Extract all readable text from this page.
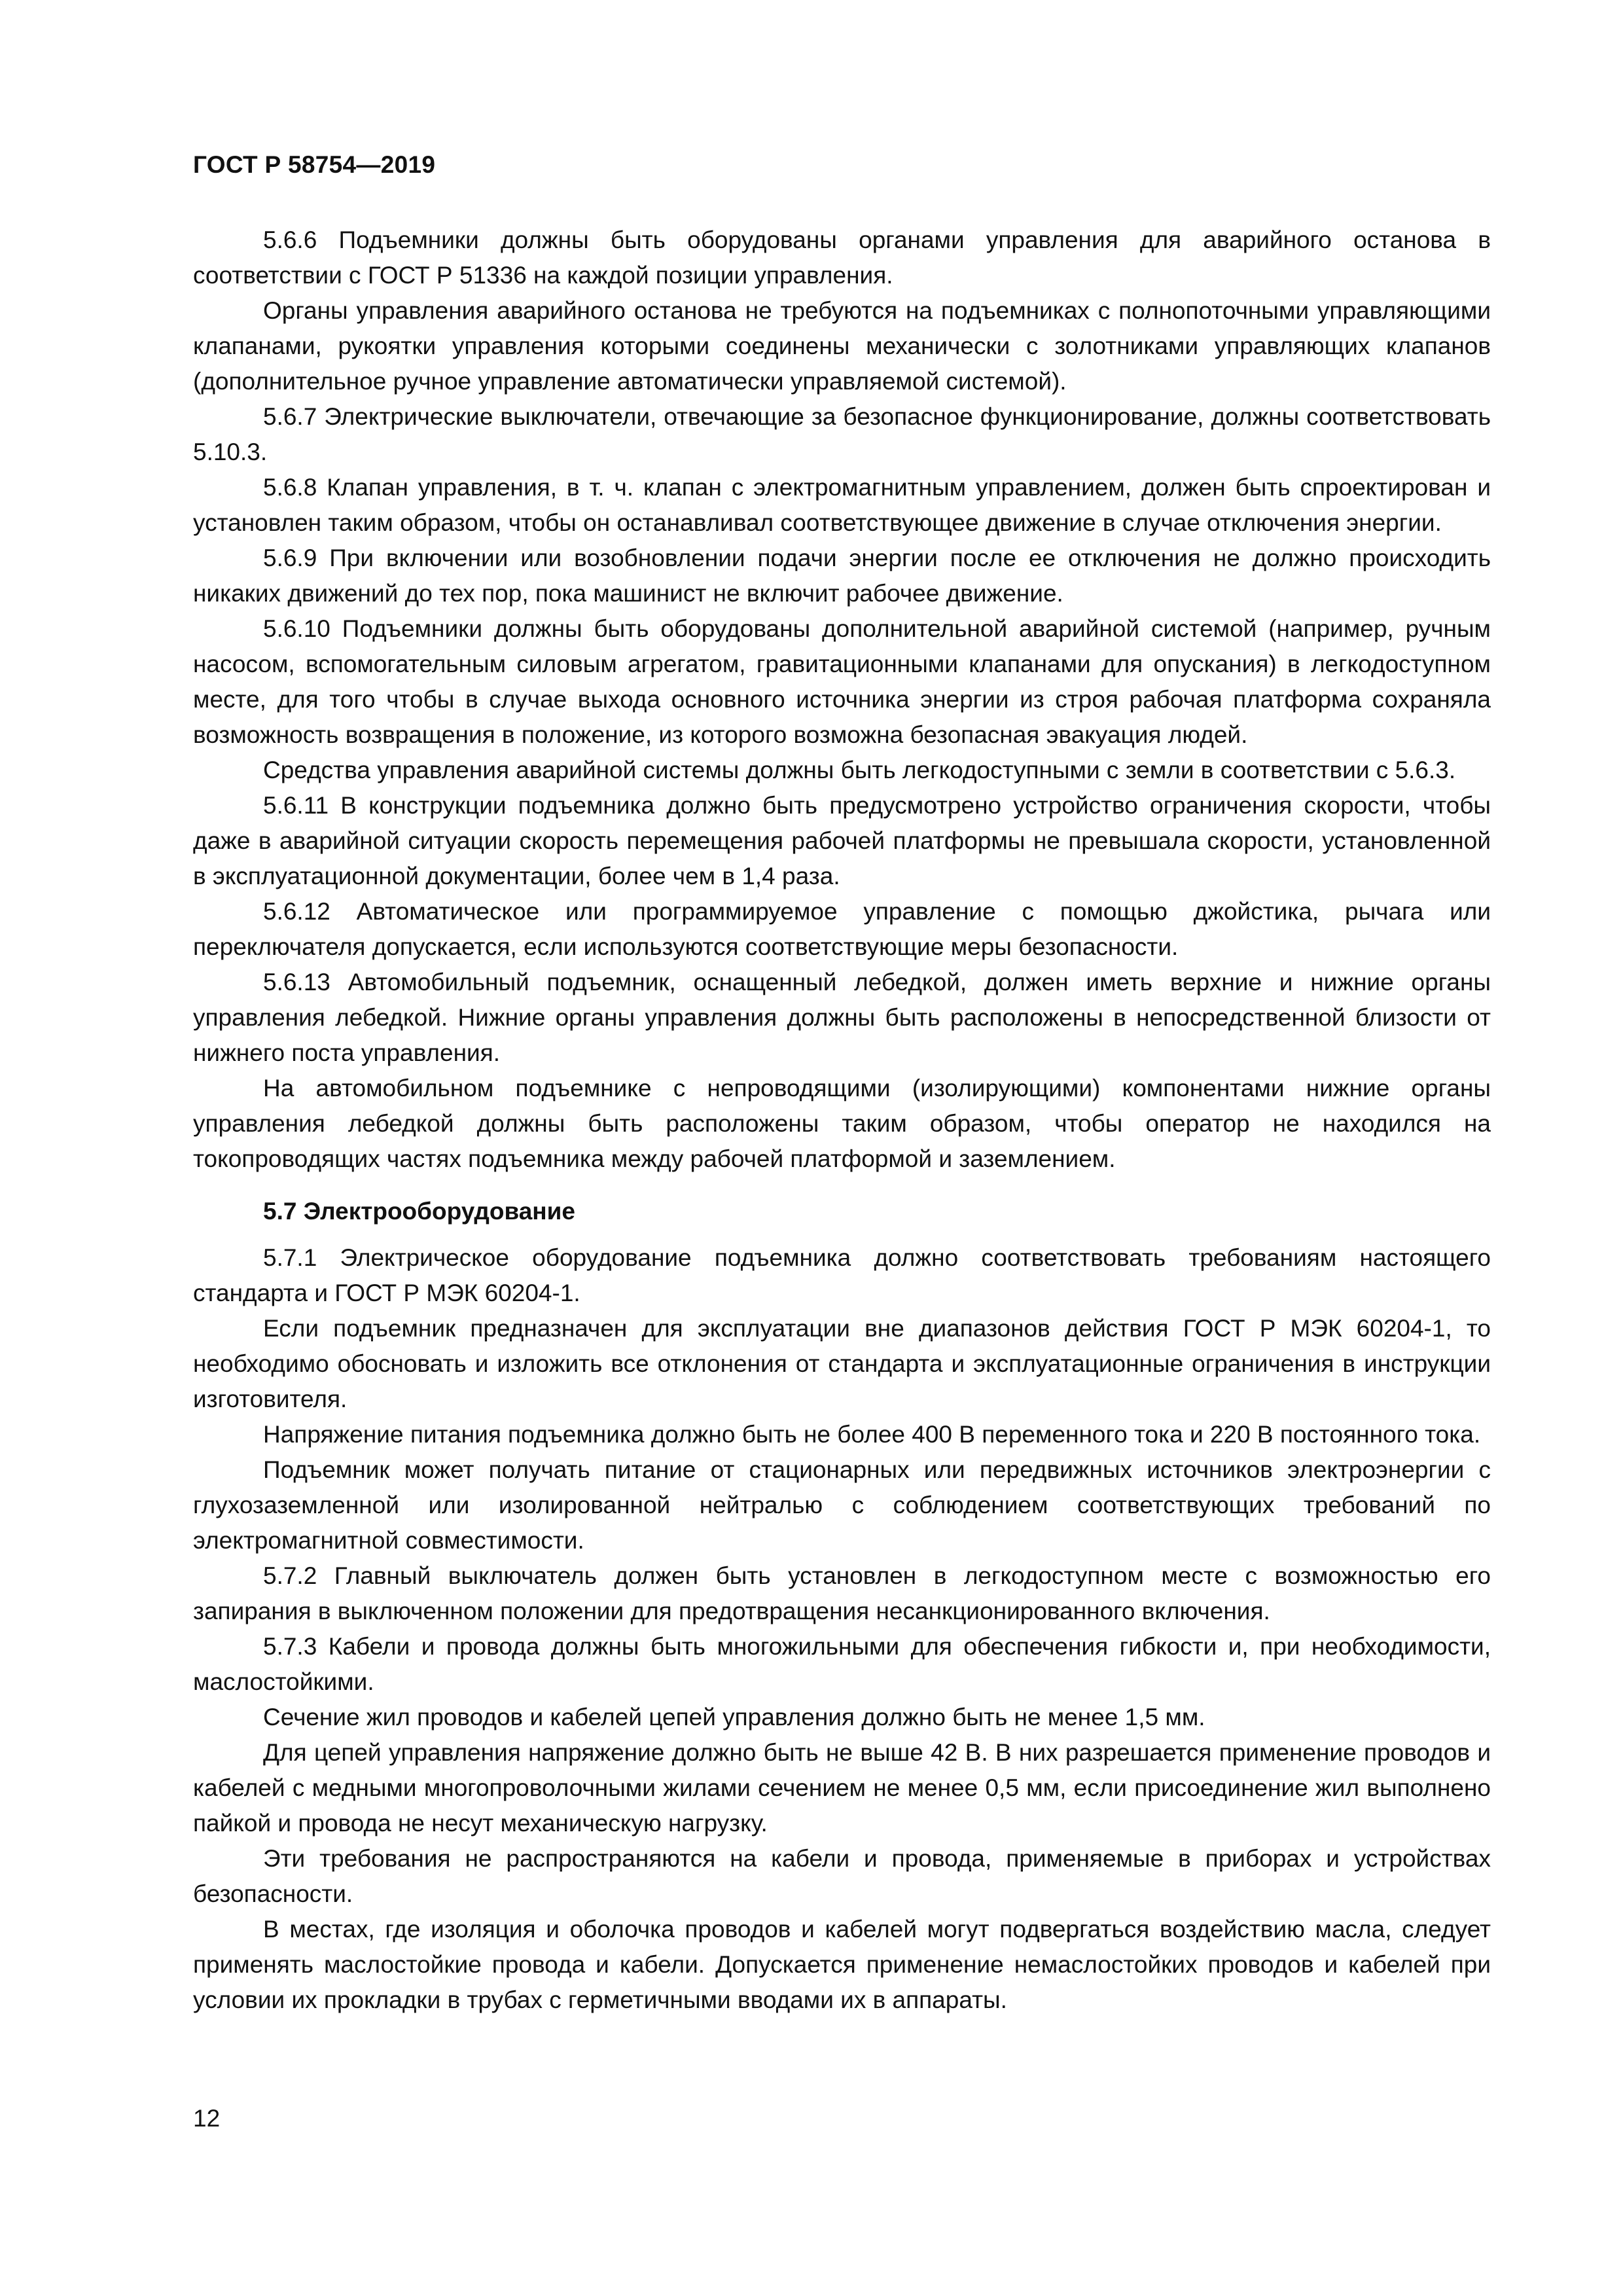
ГОСТ Р 58754—2019

5.6.6 Подъемники должны быть оборудованы органами управления для аварийного останова в соответствии с ГОСТ Р 51336 на каждой позиции управления.

Органы управления аварийного останова не требуются на подъемниках с полнопоточными управляющими клапанами, рукоятки управления которыми соединены механически с золотниками управляющих клапанов (дополнительное ручное управление автоматически управляемой системой).

5.6.7 Электрические выключатели, отвечающие за безопасное функционирование, должны соответствовать 5.10.3.

5.6.8 Клапан управления, в т. ч. клапан с электромагнитным управлением, должен быть спроектирован и установлен таким образом, чтобы он останавливал соответствующее движение в случае отключения энергии.

5.6.9 При включении или возобновлении подачи энергии после ее отключения не должно происходить никаких движений до тех пор, пока машинист не включит рабочее движение.

5.6.10 Подъемники должны быть оборудованы дополнительной аварийной системой (например, ручным насосом, вспомогательным силовым агрегатом, гравитационными клапанами для опускания) в легкодоступном месте, для того чтобы в случае выхода основного источника энергии из строя рабочая платформа сохраняла возможность возвращения в положение, из которого возможна безопасная эвакуация людей.

Средства управления аварийной системы должны быть легкодоступными с земли в соответствии с 5.6.3.

5.6.11 В конструкции подъемника должно быть предусмотрено устройство ограничения скорости, чтобы даже в аварийной ситуации скорость перемещения рабочей платформы не превышала скорости, установленной в эксплуатационной документации, более чем в 1,4 раза.

5.6.12 Автоматическое или программируемое управление с помощью джойстика, рычага или переключателя допускается, если используются соответствующие меры безопасности.

5.6.13 Автомобильный подъемник, оснащенный лебедкой, должен иметь верхние и нижние органы управления лебедкой. Нижние органы управления должны быть расположены в непосредственной близости от нижнего поста управления.

На автомобильном подъемнике с непроводящими (изолирующими) компонентами нижние органы управления лебедкой должны быть расположены таким образом, чтобы оператор не находился на токопроводящих частях подъемника между рабочей платформой и заземлением.

5.7 Электрооборудование

5.7.1 Электрическое оборудование подъемника должно соответствовать требованиям настоящего стандарта и ГОСТ Р МЭК 60204-1.

Если подъемник предназначен для эксплуатации вне диапазонов действия ГОСТ Р МЭК 60204-1, то необходимо обосновать и изложить все отклонения от стандарта и эксплуатационные ограничения в инструкции изготовителя.

Напряжение питания подъемника должно быть не более 400 В переменного тока и 220 В постоянного тока.

Подъемник может получать питание от стационарных или передвижных источников электроэнергии с глухозаземленной или изолированной нейтралью с соблюдением соответствующих требований по электромагнитной совместимости.

5.7.2 Главный выключатель должен быть установлен в легкодоступном месте с возможностью его запирания в выключенном положении для предотвращения несанкционированного включения.

5.7.3 Кабели и провода должны быть многожильными для обеспечения гибкости и, при необходимости, маслостойкими.

Сечение жил проводов и кабелей цепей управления должно быть не менее 1,5 мм.

Для цепей управления напряжение должно быть не выше 42 В. В них разрешается применение проводов и кабелей с медными многопроволочными жилами сечением не менее 0,5 мм, если присоединение жил выполнено пайкой и провода не несут механическую нагрузку.

Эти требования не распространяются на кабели и провода, применяемые в приборах и устройствах безопасности.

В местах, где изоляция и оболочка проводов и кабелей могут подвергаться воздействию масла, следует применять маслостойкие провода и кабели. Допускается применение немаслостойких проводов и кабелей при условии их прокладки в трубах с герметичными вводами их в аппараты.

12
